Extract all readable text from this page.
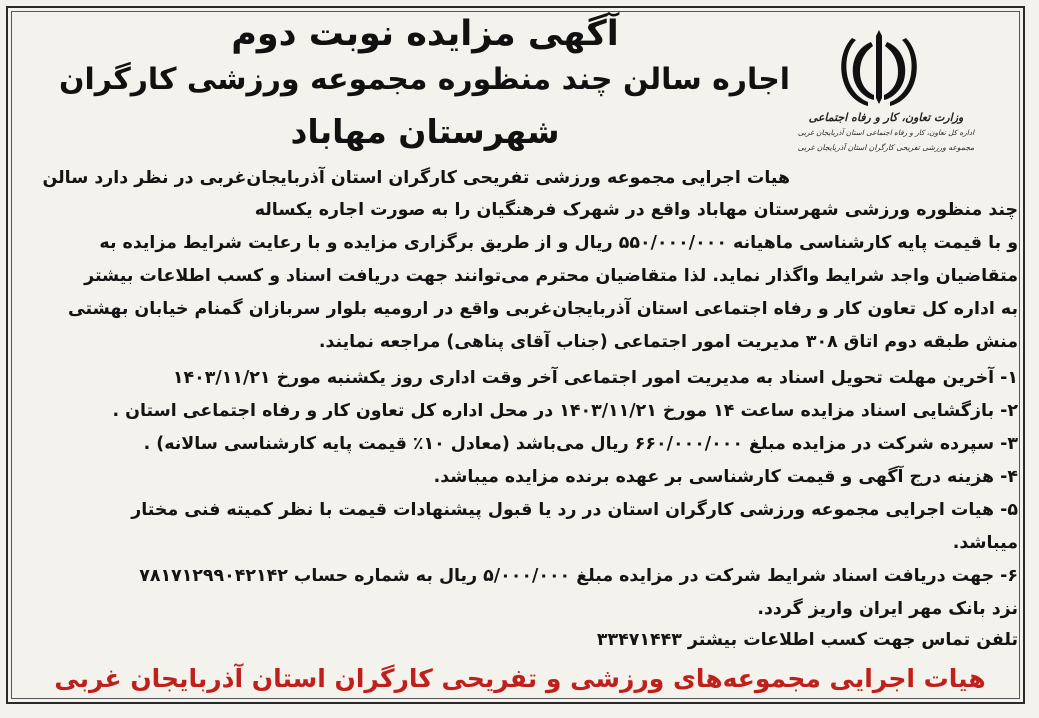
وزارت تعاون، کار و رفاه اجتماعی
اداره کل تعاون، کار و رفاه اجتماعی استان آذربایجان غربی
مجموعه ورزشی تفریحی کارگران استان آذربایجان غربی
آگهی مزایده نوبت دوم
اجاره سالن چند منظوره مجموعه ورزشی کارگران
شهرستان مهاباد
هیات اجرایی مجموعه ورزشی تفریحی کارگران استان آذربایجان‌غربی در نظر دارد سالن
چند منظوره ورزشی شهرستان مهاباد واقع در شهرک فرهنگیان را به صورت اجاره یکساله
و با قیمت پایه کارشناسی ماهیانه ۵۵۰/۰۰۰/۰۰۰ ریال و از طریق برگزاری مزایده و با رعایت شرایط مزایده به
متقاضیان واجد شرایط واگذار نماید. لذا متقاضیان محترم می‌توانند جهت دریافت اسناد و کسب اطلاعات بیشتر
به اداره کل تعاون کار و رفاه اجتماعی استان آذربایجان‌غربی واقع در ارومیه بلوار سربازان گمنام خیابان بهشتی
منش طبقه دوم اتاق ۳۰۸ مدیریت امور اجتماعی (جناب آقای پناهی) مراجعه نمایند.
۱- آخرین مهلت تحویل اسناد به مدیریت امور اجتماعی آخر وقت اداری روز یکشنبه مورخ ۱۴۰۳/۱۱/۲۱
۲- بازگشایی اسناد مزایده ساعت ۱۴ مورخ ۱۴۰۳/۱۱/۲۱ در محل اداره کل تعاون کار و رفاه اجتماعی استان .
۳- سپرده شرکت در مزایده مبلغ ۶۶۰/۰۰۰/۰۰۰ ریال می‌باشد (معادل ۱۰٪ قیمت پایه کارشناسی سالانه) .
۴- هزینه درج آگهی و قیمت کارشناسی بر عهده برنده مزایده میباشد.
۵- هیات اجرایی مجموعه ورزشی کارگران استان در رد یا قبول پیشنهادات قیمت با نظر کمیته فنی مختار
میباشد.
۶- جهت دریافت اسناد شرایط شرکت در مزایده مبلغ ۵/۰۰۰/۰۰۰ ریال به شماره حساب ۷۸۱۷۱۲۹۹۰۴۲۱۴۲
نزد بانک مهر ایران واریز گردد.
تلفن تماس جهت کسب اطلاعات بیشتر ۳۳۴۷۱۴۴۳
هیات اجرایی مجموعه‌های ورزشی و تفریحی کارگران استان آذربایجان غربی
